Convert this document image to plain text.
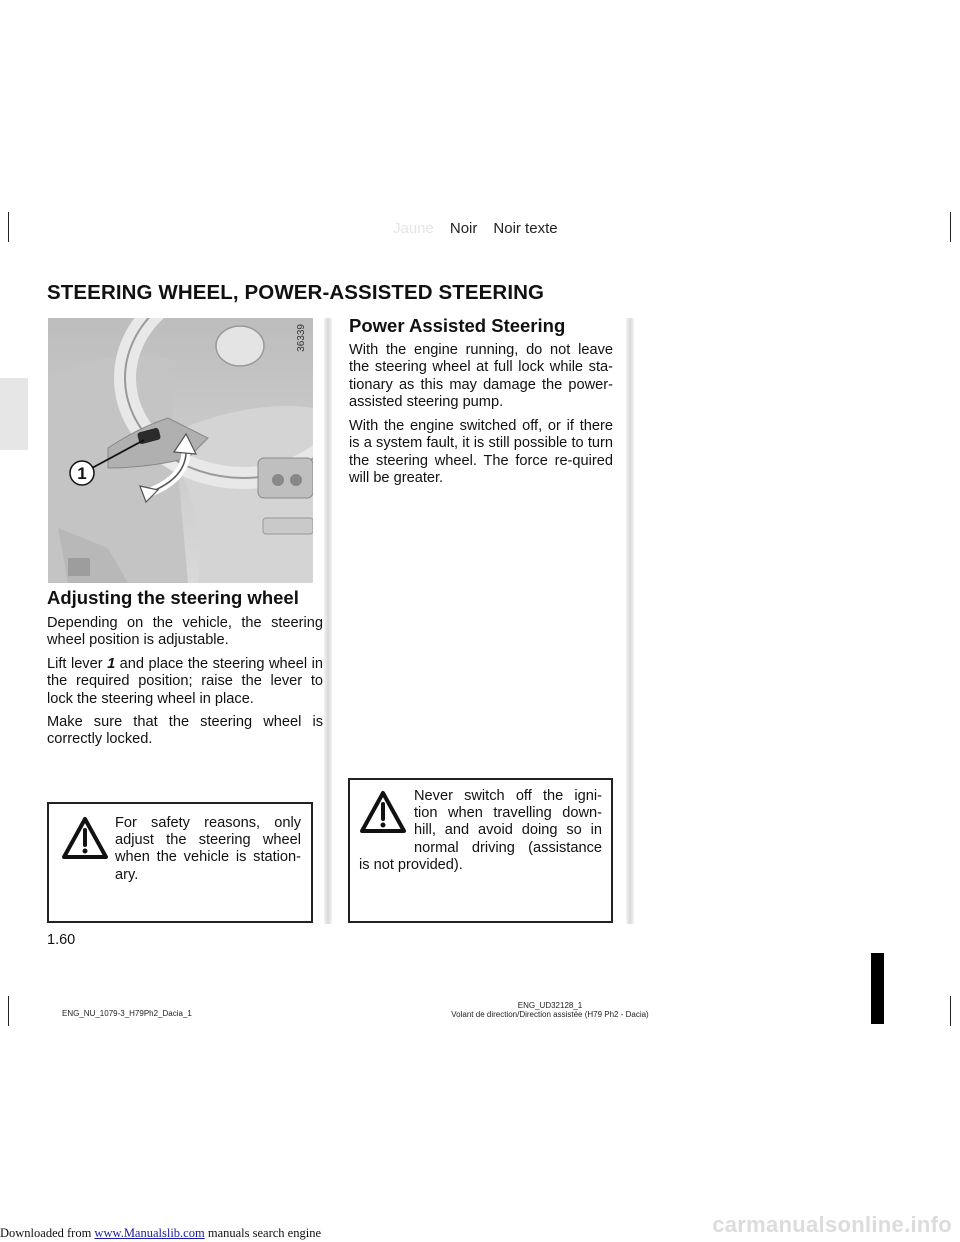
Jaune Noir Noir texte
STEERING WHEEL, POWER-ASSISTED STEERING
1
36339
Adjusting the steering wheel

Depending on the vehicle, the steering wheel position is adjustable.

Lift lever 1 and place the steering wheel in the required position; raise the lever to lock the steering wheel in place.

Make sure that the steering wheel is correctly locked.

For safety reasons, only
adjust the steering wheel
when the vehicle is station-
ary.
Power Assisted Steering

With the engine running, do not leave the steering wheel at full lock while sta-tionary as this may damage the power-assisted steering pump.

With the engine switched off, or if there is a system fault, it is still possible to turn the steering wheel. The force re-quired will be greater.

Never switch off the igni-
tion when travelling down-
hill, and avoid doing so in
normal driving (assistance
is not provided).
1.60
ENG_NU_1079-3_H79Ph2_Dacia_1
ENG_UD32128_1
Volant de direction/Direction assistée (H79 Ph2 - Dacia)
Downloaded from www.Manualslib.com manuals search engine	carmanualsonline.info
